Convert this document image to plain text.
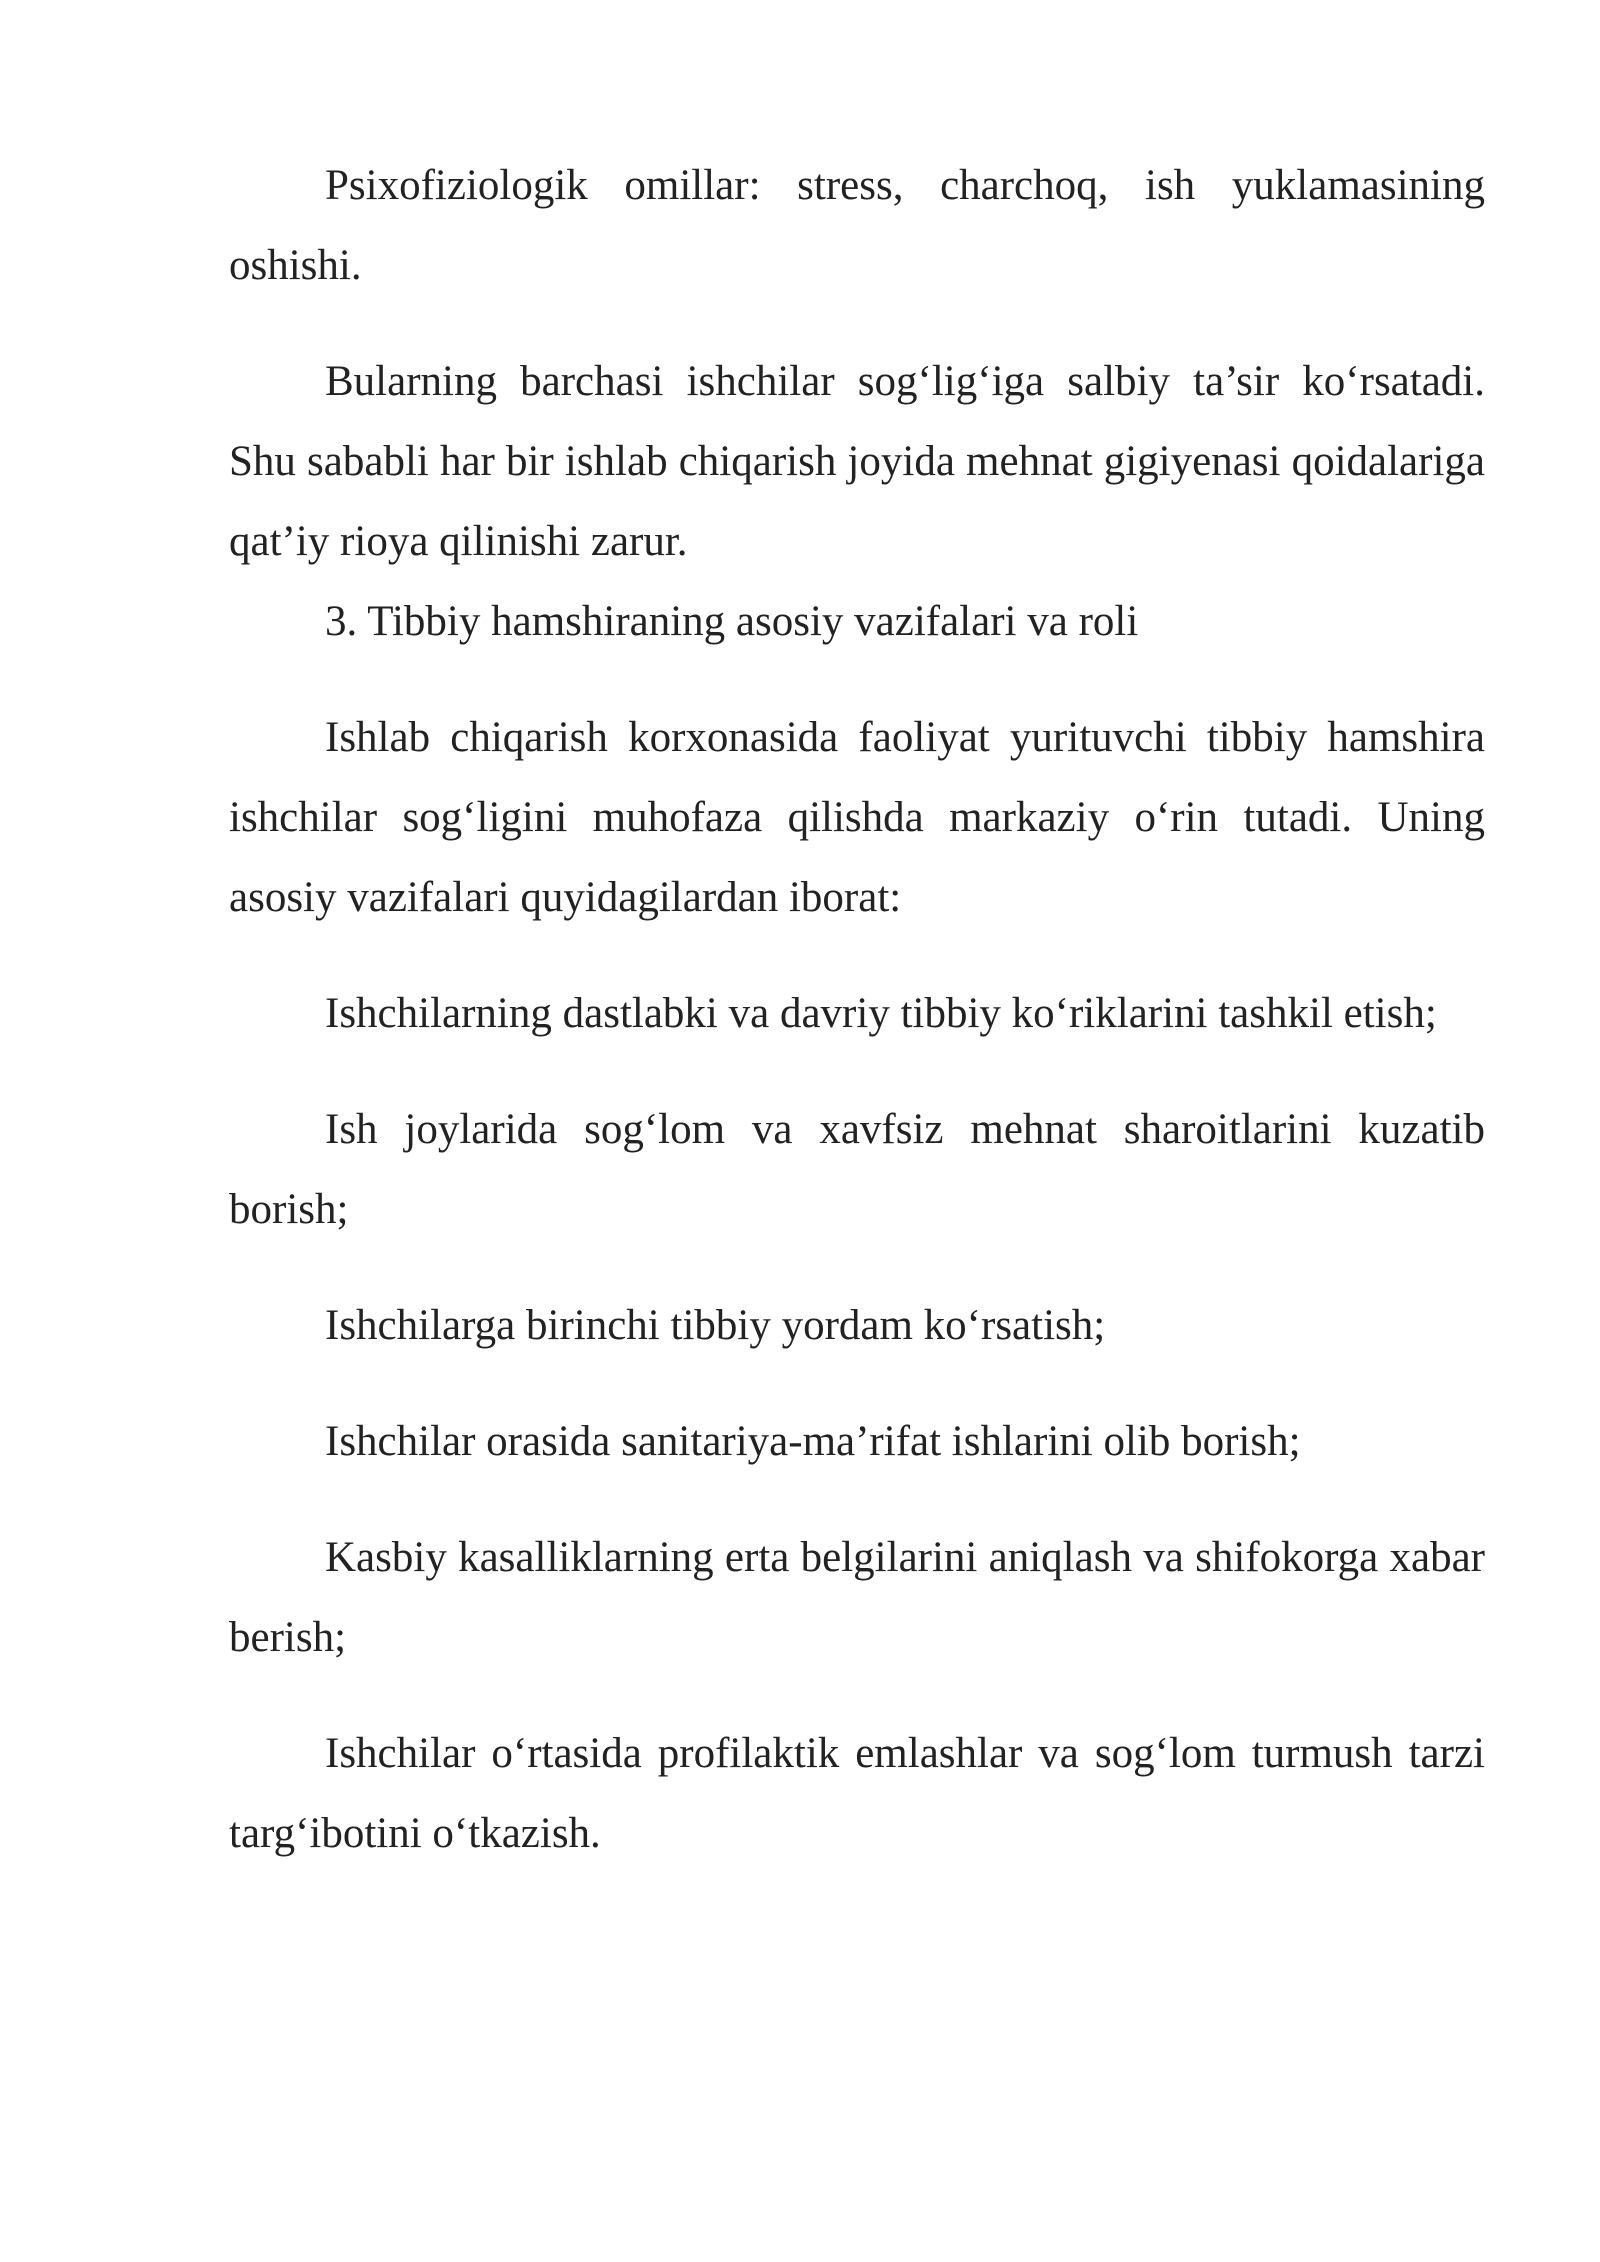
Psixofiziologik omillar: stress, charchoq, ish yuklamasining oshishi.

Bularning barchasi ishchilar sog‘lig‘iga salbiy ta’sir ko‘rsatadi. Shu sababli har bir ishlab chiqarish joyida mehnat gigiyenasi qoidalariga qat’iy rioya qilinishi zarur.

3. Tibbiy hamshiraning asosiy vazifalari va roli

Ishlab chiqarish korxonasida faoliyat yurituvchi tibbiy hamshira ishchilar sog‘ligini muhofaza qilishda markaziy o‘rin tutadi. Uning asosiy vazifalari quyidagilardan iborat:

Ishchilarning dastlabki va davriy tibbiy ko‘riklarini tashkil etish;

Ish joylarida sog‘lom va xavfsiz mehnat sharoitlarini kuzatib borish;

Ishchilarga birinchi tibbiy yordam ko‘rsatish;

Ishchilar orasida sanitariya-ma’rifat ishlarini olib borish;

Kasbiy kasalliklarning erta belgilarini aniqlash va shifokorga xabar berish;

Ishchilar o‘rtasida profilaktik emlashlar va sog‘lom turmush tarzi targ‘ibotini o‘tkazish.
